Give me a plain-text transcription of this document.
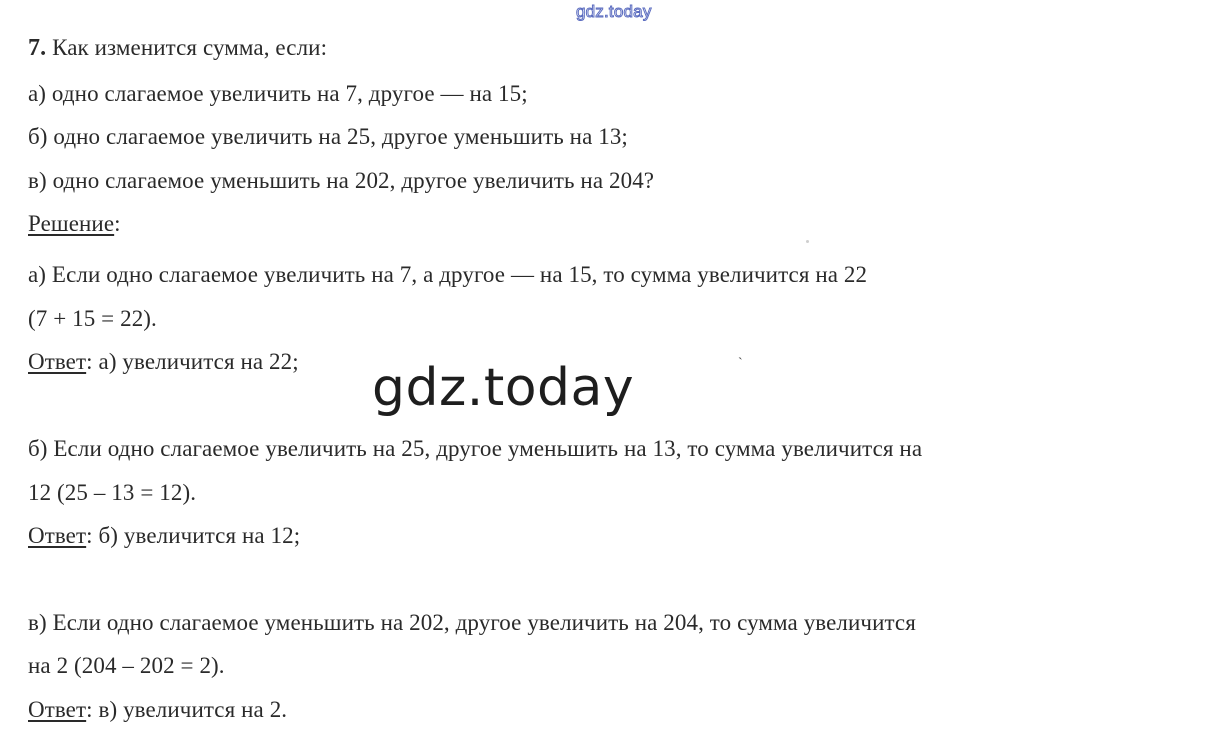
gdz.today
7. Как изменится сумма, если:
а) одно слагаемое увеличить на 7, другое — на 15;
б) одно слагаемое увеличить на 25, другое уменьшить на 13;
в) одно слагаемое уменьшить на 202, другое увеличить на 204?
Решение:
а) Если одно слагаемое увеличить на 7, а другое — на 15, то сумма увеличится на 22
(7 + 15 = 22).
Ответ: а) увеличится на 22; gdz.today	`
б) Если одно слагаемое увеличить на 25, другое уменьшить на 13, то сумма увеличится на
12 (25 – 13 = 12).
Ответ: б) увеличится на 12;
в) Если одно слагаемое уменьшить на 202, другое увеличить на 204, то сумма увеличится
на 2 (204 – 202 = 2).
Ответ: в) увеличится на 2.
